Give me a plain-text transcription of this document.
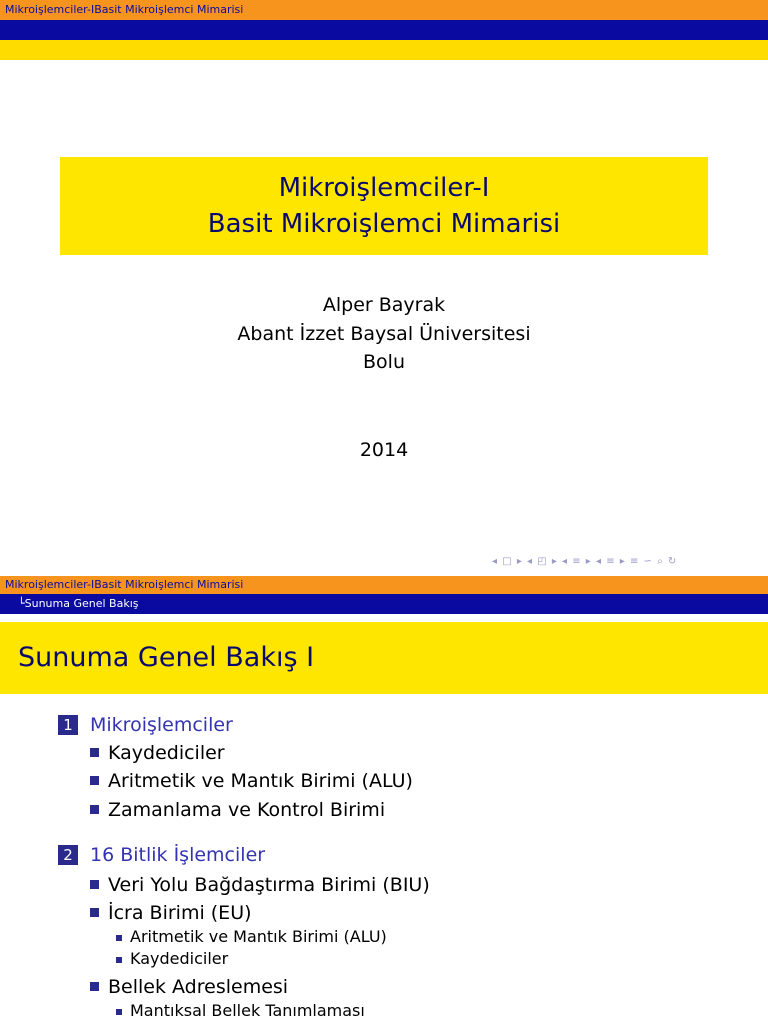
Mikroişlemciler-IBasit Mikroişlemci Mimarisi
Mikroişlemciler-I
Basit Mikroişlemci Mimarisi
Alper Bayrak
Abant İzzet Baysal Üniversitesi
Bolu
2014
◂ □ ▸ ◂ ◰ ▸ ◂ ≡ ▸ ◂ ≡ ▸ ≡ ∽ ⌕ ↻
Mikroişlemciler-IBasit Mikroişlemci Mimarisi
└Sunuma Genel Bakış
Sunuma Genel Bakış I
1 Mikroişlemciler
Kaydediciler
Aritmetik ve Mantık Birimi (ALU)
Zamanlama ve Kontrol Birimi
2 16 Bitlik İşlemciler
Veri Yolu Bağdaştırma Birimi (BIU)
İcra Birimi (EU)
Aritmetik ve Mantık Birimi (ALU)
Kaydediciler
Bellek Adreslemesi
Mantıksal Bellek Tanımlaması
